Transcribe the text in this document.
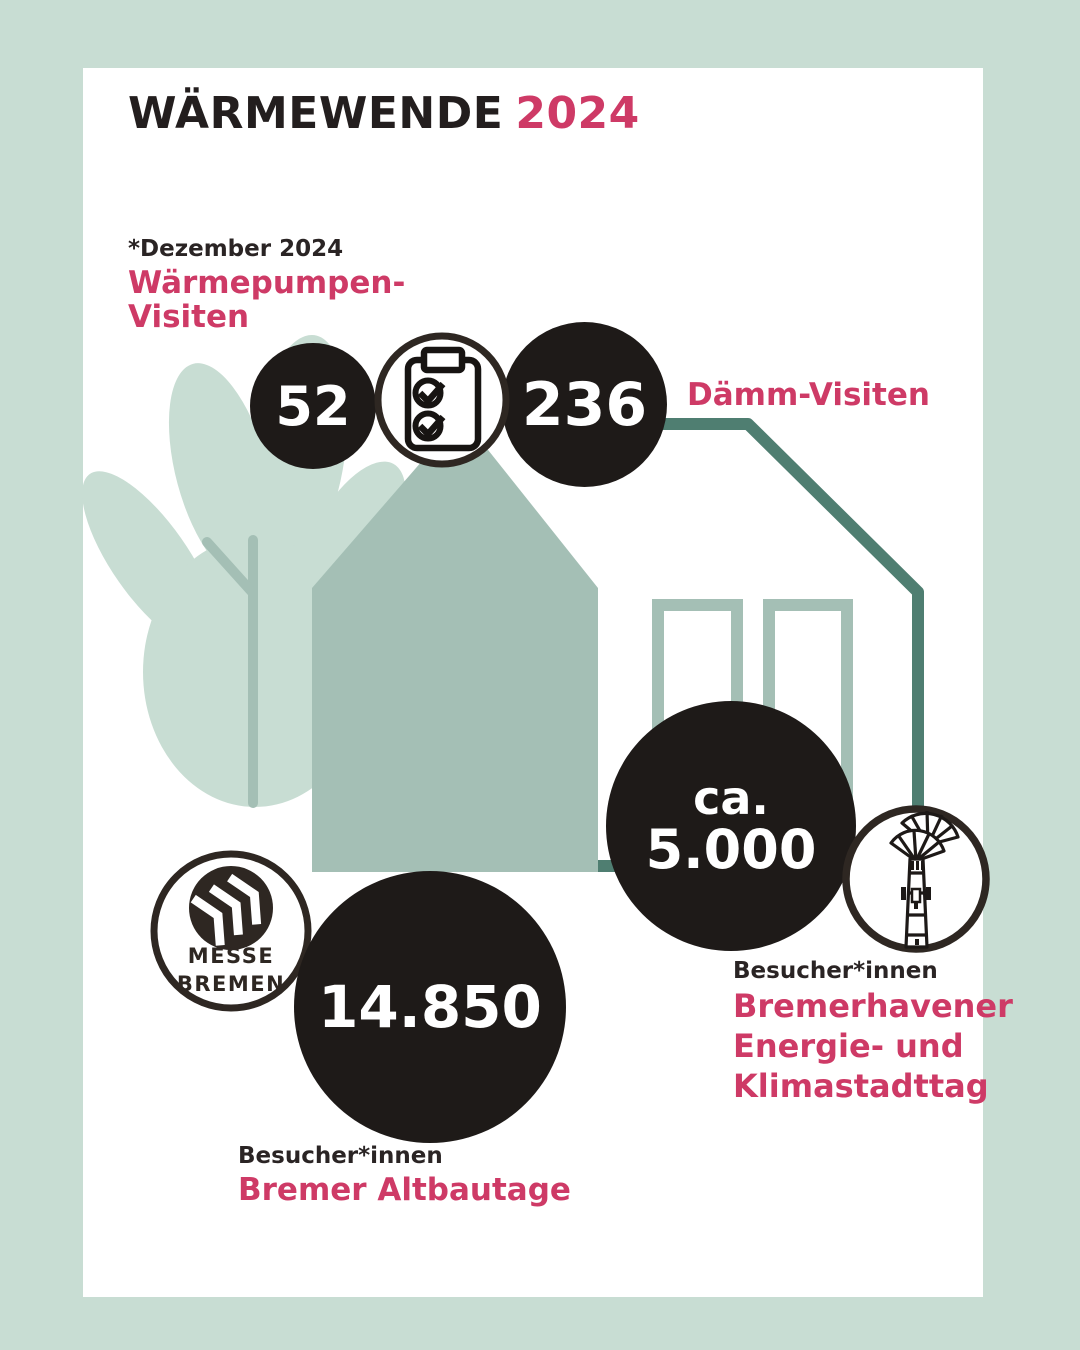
MESSE
BREMEN 14.850
52	236
ca.
5.000
WÄRMEWENDE 2024
*Dezember 2024
Wärmepumpen-
Visiten
Dämm-Visiten
Besucher*innen
Bremer Altbautage
Besucher*innen
Bremerhavener
Energie- und
Klimastadttag
